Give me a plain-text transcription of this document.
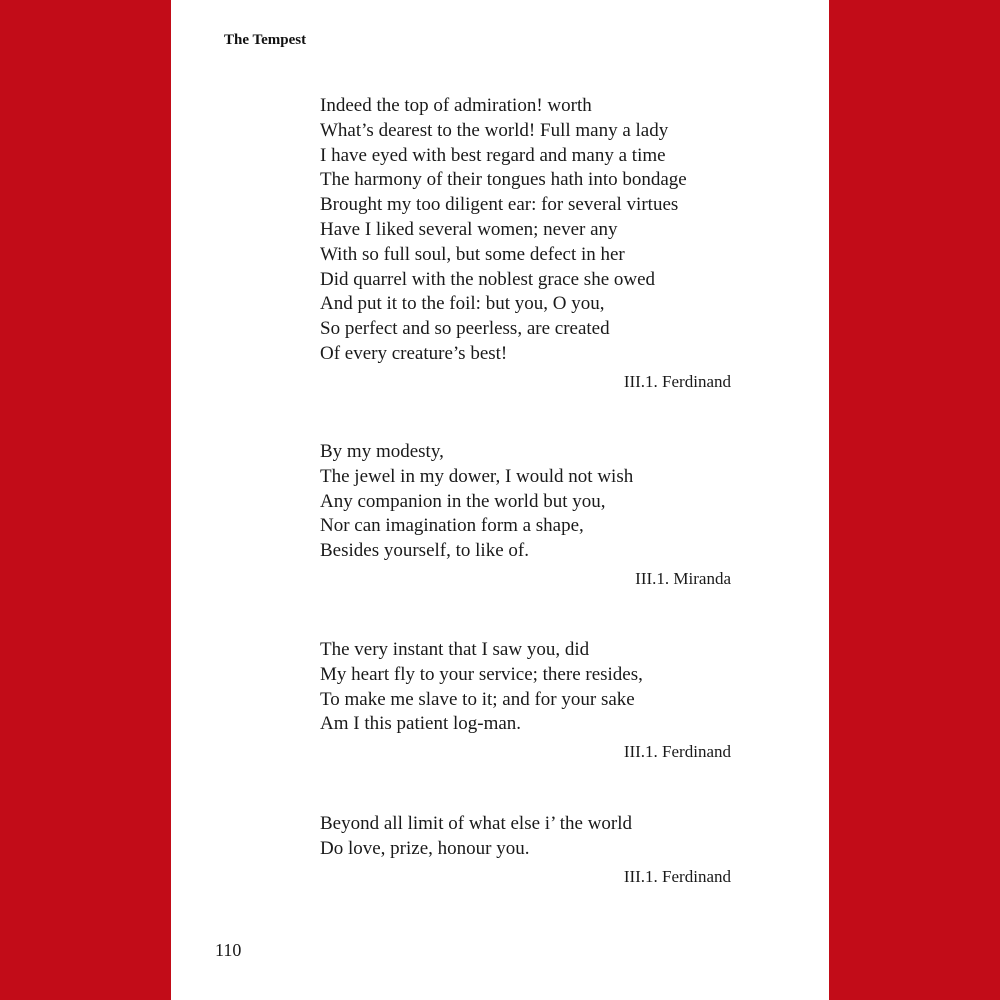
The Tempest
Indeed the top of admiration! worth
What’s dearest to the world! Full many a lady
I have eyed with best regard and many a time
The harmony of their tongues hath into bondage
Brought my too diligent ear: for several virtues
Have I liked several women; never any
With so full soul, but some defect in her
Did quarrel with the noblest grace she owed
And put it to the foil: but you, O you,
So perfect and so peerless, are created
Of every creature’s best!
III.1. Ferdinand
By my modesty,
The jewel in my dower, I would not wish
Any companion in the world but you,
Nor can imagination form a shape,
Besides yourself, to like of.
III.1. Miranda
The very instant that I saw you, did
My heart fly to your service; there resides,
To make me slave to it; and for your sake
Am I this patient log-man.
III.1. Ferdinand
Beyond all limit of what else i’ the world
Do love, prize, honour you.
III.1. Ferdinand
110
